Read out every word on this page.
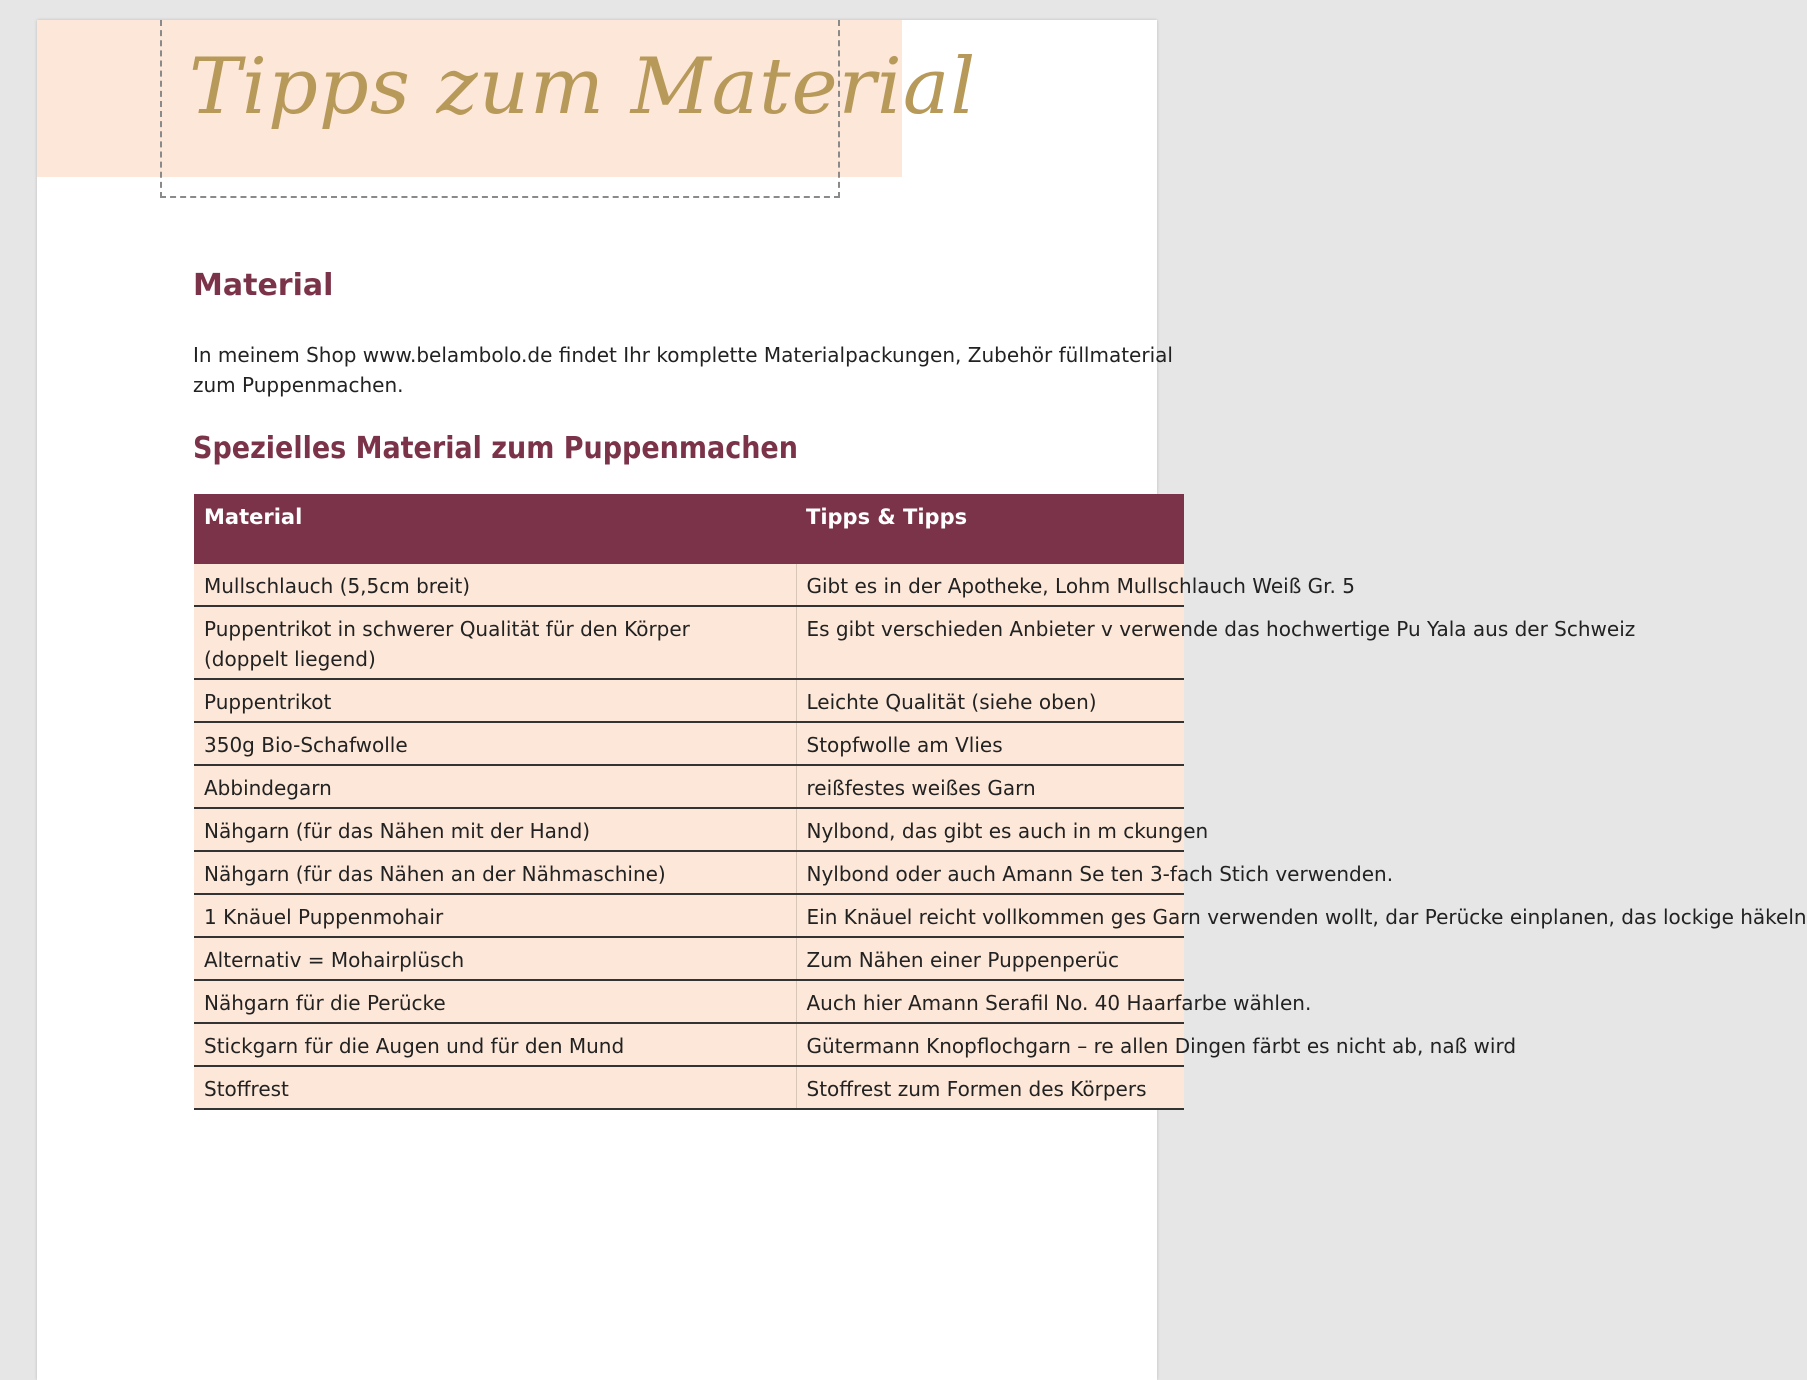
Tipps zum Material
Material
In meinem Shop www.belambolo.de findet Ihr komplette Materialpackungen, Zubehör füllmaterial zum Puppenmachen.
Spezielles Material zum Puppenmachen
Material	Tipps & Tipps
Mullschlauch (5,5cm breit)	Gibt es in der Apotheke, Lohm Mullschlauch Weiß Gr. 5
Puppentrikot in schwerer Qualität für den Körper
(doppelt liegend)	Es gibt verschieden Anbieter v verwende das hochwertige Pu Yala aus der Schweiz
Puppentrikot	Leichte Qualität (siehe oben)
350g Bio-Schafwolle	Stopfwolle am Vlies
Abbindegarn	reißfestes weißes Garn
Nähgarn (für das Nähen mit der Hand)	Nylbond, das gibt es auch in m ckungen
Nähgarn (für das Nähen an der Nähmaschine)	Nylbond oder auch Amann Se ten 3-fach Stich verwenden.
1 Knäuel Puppenmohair	Ein Knäuel reicht vollkommen ges Garn verwenden wollt, dar Perücke einplanen, das lockige häkeln
Alternativ = Mohairplüsch	Zum Nähen einer Puppenperüc
Nähgarn für die Perücke	Auch hier Amann Serafil No. 40 Haarfarbe wählen.
Stickgarn für die Augen und für den Mund	Gütermann Knopflochgarn – re allen Dingen färbt es nicht ab, naß wird
Stoffrest	Stoffrest zum Formen des Körpers
